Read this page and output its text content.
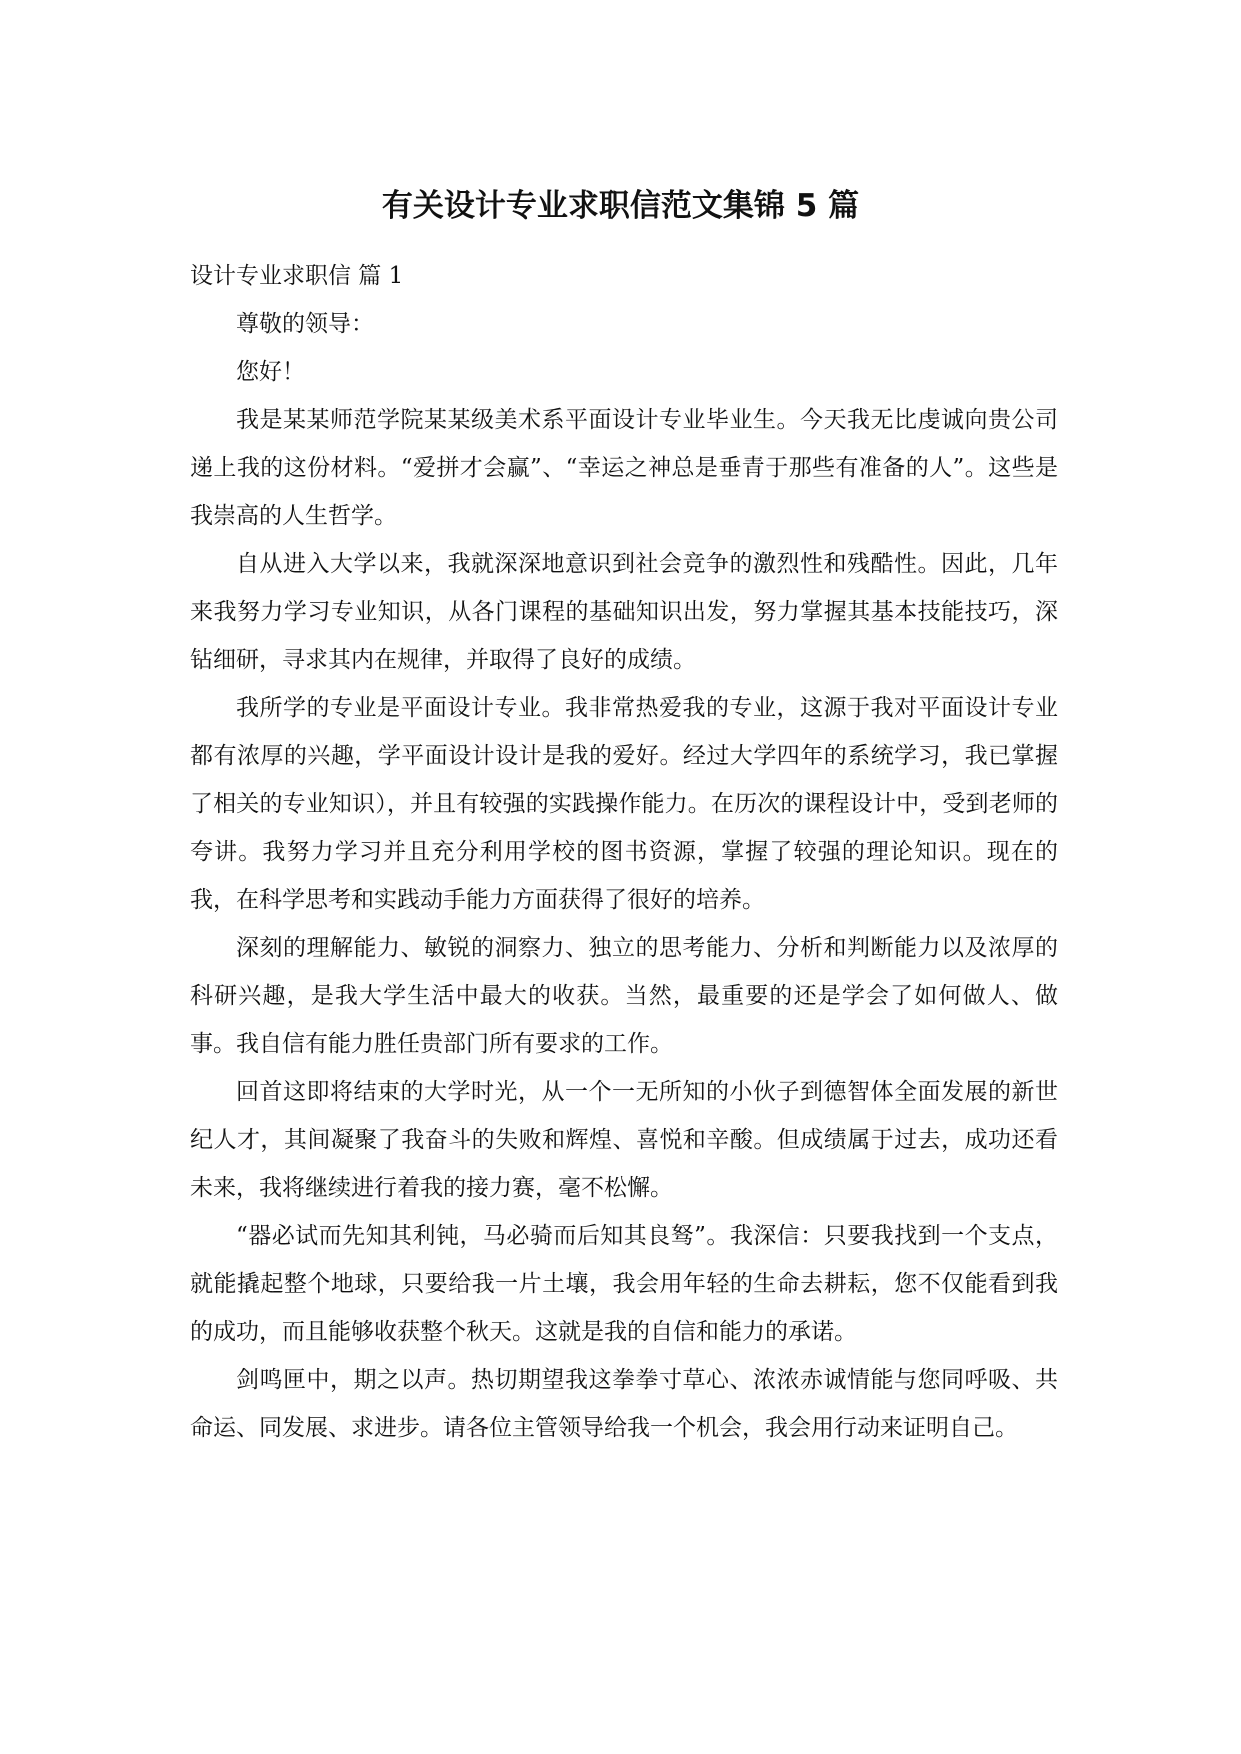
有关设计专业求职信范文集锦 5 篇

设计专业求职信 篇 1

尊敬的领导：

您好！

我是某某师范学院某某级美术系平面设计专业毕业生。今天我无比虔诚向贵公司递上我的这份材料。“爱拼才会赢”、“幸运之神总是垂青于那些有准备的人”。这些是我崇高的人生哲学。

自从进入大学以来，我就深深地意识到社会竞争的激烈性和残酷性。因此，几年来我努力学习专业知识，从各门课程的基础知识出发，努力掌握其基本技能技巧，深钻细研，寻求其内在规律，并取得了良好的成绩。

我所学的专业是平面设计专业。我非常热爱我的专业，这源于我对平面设计专业都有浓厚的兴趣，学平面设计设计是我的爱好。经过大学四年的系统学习，我已掌握了相关的专业知识），并且有较强的实践操作能力。在历次的课程设计中，受到老师的夸讲。我努力学习并且充分利用学校的图书资源，掌握了较强的理论知识。现在的我，在科学思考和实践动手能力方面获得了很好的培养。

深刻的理解能力、敏锐的洞察力、独立的思考能力、分析和判断能力以及浓厚的科研兴趣，是我大学生活中最大的收获。当然，最重要的还是学会了如何做人、做事。我自信有能力胜任贵部门所有要求的工作。

回首这即将结束的大学时光，从一个一无所知的小伙子到德智体全面发展的新世纪人才，其间凝聚了我奋斗的失败和辉煌、喜悦和辛酸。但成绩属于过去，成功还看未来，我将继续进行着我的接力赛，毫不松懈。

“器必试而先知其利钝，马必骑而后知其良驽”。我深信：只要我找到一个支点，就能撬起整个地球，只要给我一片土壤，我会用年轻的生命去耕耘，您不仅能看到我的成功，而且能够收获整个秋天。这就是我的自信和能力的承诺。

剑鸣匣中，期之以声。热切期望我这拳拳寸草心、浓浓赤诚情能与您同呼吸、共命运、同发展、求进步。请各位主管领导给我一个机会，我会用行动来证明自己。
